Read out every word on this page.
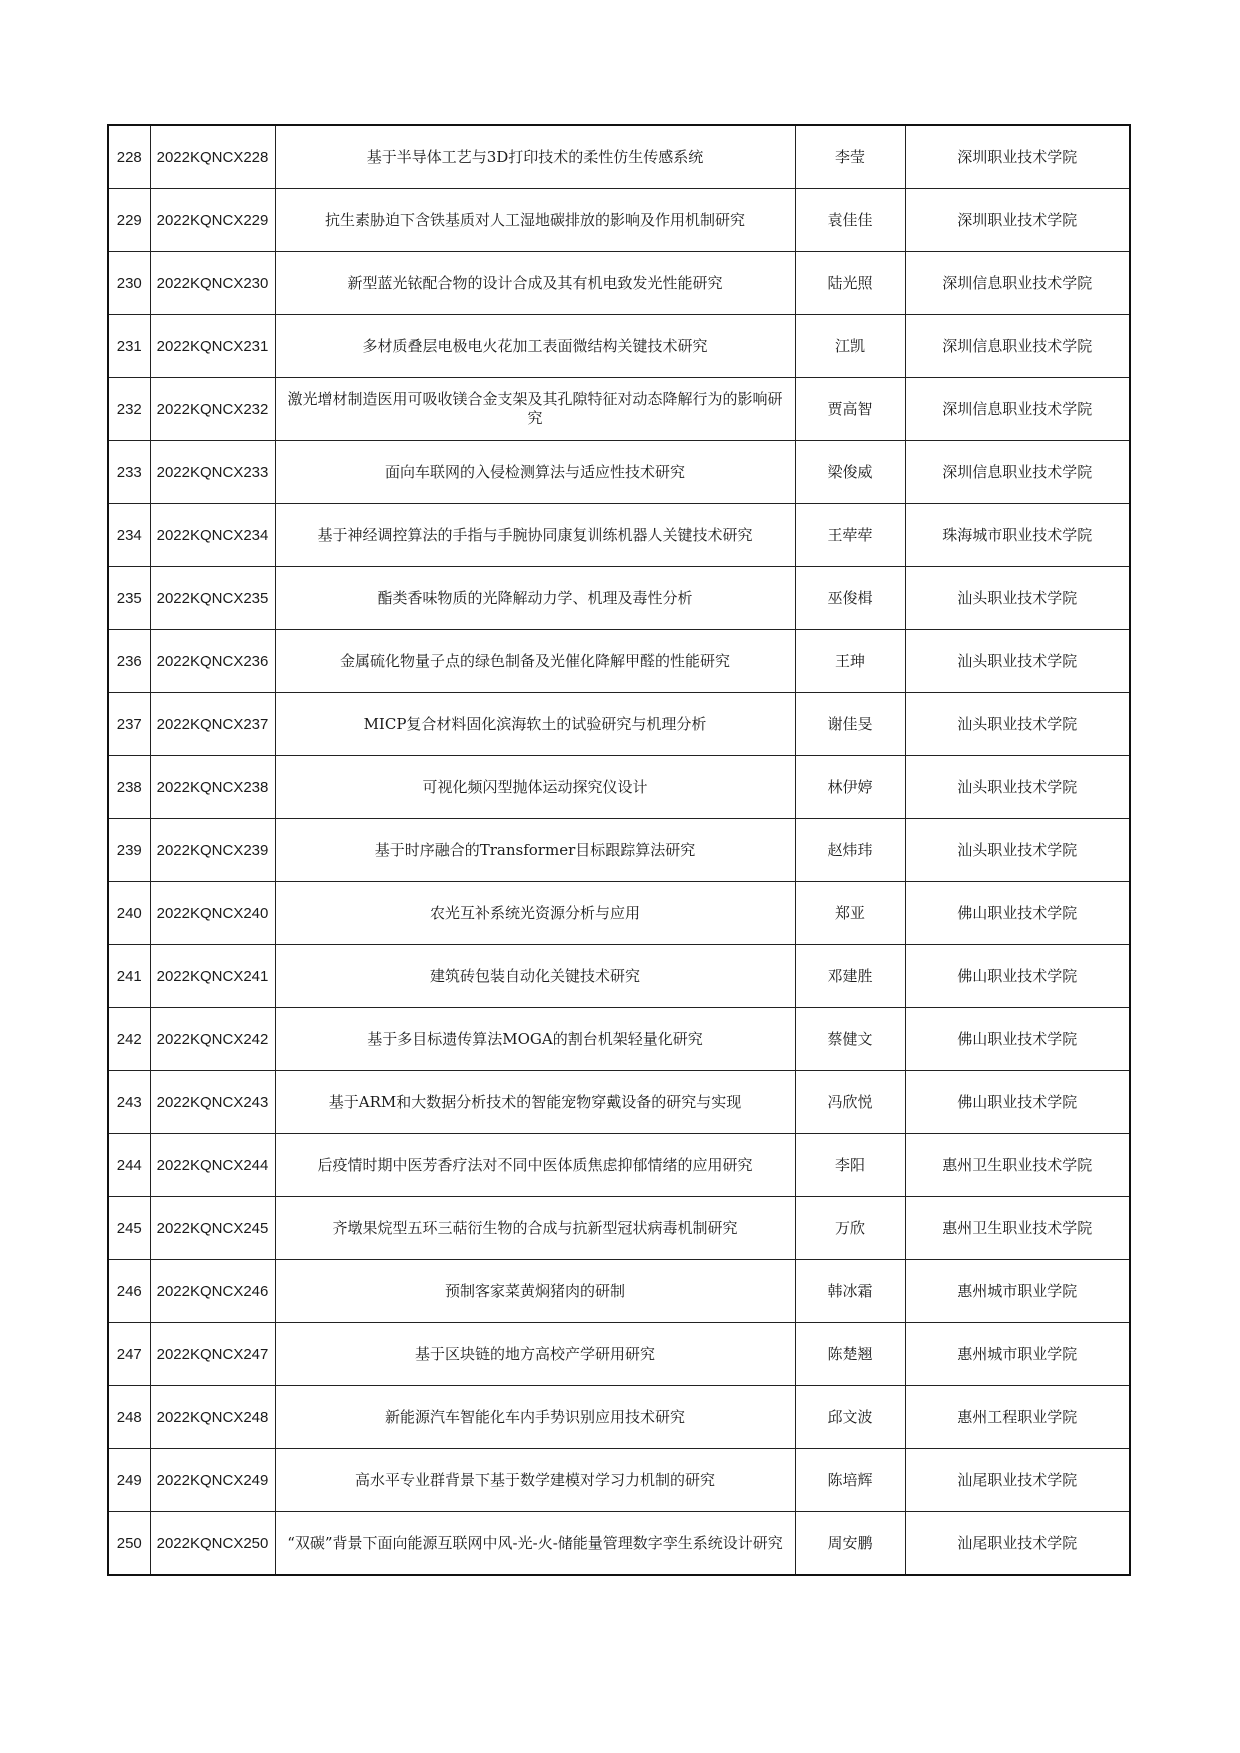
228	2022KQNCX228	基于半导体工艺与3D打印技术的柔性仿生传感系统	李莹	深圳职业技术学院
229	2022KQNCX229	抗生素胁迫下含铁基质对人工湿地碳排放的影响及作用机制研究	袁佳佳	深圳职业技术学院
230	2022KQNCX230	新型蓝光铱配合物的设计合成及其有机电致发光性能研究	陆光照	深圳信息职业技术学院
231	2022KQNCX231	多材质叠层电极电火花加工表面微结构关键技术研究	江凯	深圳信息职业技术学院
232	2022KQNCX232	激光增材制造医用可吸收镁合金支架及其孔隙特征对动态降解行为的影响研究	贾高智	深圳信息职业技术学院
233	2022KQNCX233	面向车联网的入侵检测算法与适应性技术研究	梁俊威	深圳信息职业技术学院
234	2022KQNCX234	基于神经调控算法的手指与手腕协同康复训练机器人关键技术研究	王荦荦	珠海城市职业技术学院
235	2022KQNCX235	酯类香味物质的光降解动力学、机理及毒性分析	巫俊楫	汕头职业技术学院
236	2022KQNCX236	金属硫化物量子点的绿色制备及光催化降解甲醛的性能研究	王珅	汕头职业技术学院
237	2022KQNCX237	MICP复合材料固化滨海软土的试验研究与机理分析	谢佳旻	汕头职业技术学院
238	2022KQNCX238	可视化频闪型抛体运动探究仪设计	林伊婷	汕头职业技术学院
239	2022KQNCX239	基于时序融合的Transformer目标跟踪算法研究	赵炜玮	汕头职业技术学院
240	2022KQNCX240	农光互补系统光资源分析与应用	郑亚	佛山职业技术学院
241	2022KQNCX241	建筑砖包装自动化关键技术研究	邓建胜	佛山职业技术学院
242	2022KQNCX242	基于多目标遗传算法MOGA的割台机架轻量化研究	蔡健文	佛山职业技术学院
243	2022KQNCX243	基于ARM和大数据分析技术的智能宠物穿戴设备的研究与实现	冯欣悦	佛山职业技术学院
244	2022KQNCX244	后疫情时期中医芳香疗法对不同中医体质焦虑抑郁情绪的应用研究	李阳	惠州卫生职业技术学院
245	2022KQNCX245	齐墩果烷型五环三萜衍生物的合成与抗新型冠状病毒机制研究	万欣	惠州卫生职业技术学院
246	2022KQNCX246	预制客家菜黄焖猪肉的研制	韩冰霜	惠州城市职业学院
247	2022KQNCX247	基于区块链的地方高校产学研用研究	陈楚翘	惠州城市职业学院
248	2022KQNCX248	新能源汽车智能化车内手势识别应用技术研究	邱文波	惠州工程职业学院
249	2022KQNCX249	高水平专业群背景下基于数学建模对学习力机制的研究	陈培辉	汕尾职业技术学院
250	2022KQNCX250	“双碳”背景下面向能源互联网中风-光-火-储能量管理数字孪生系统设计研究	周安鹏	汕尾职业技术学院
